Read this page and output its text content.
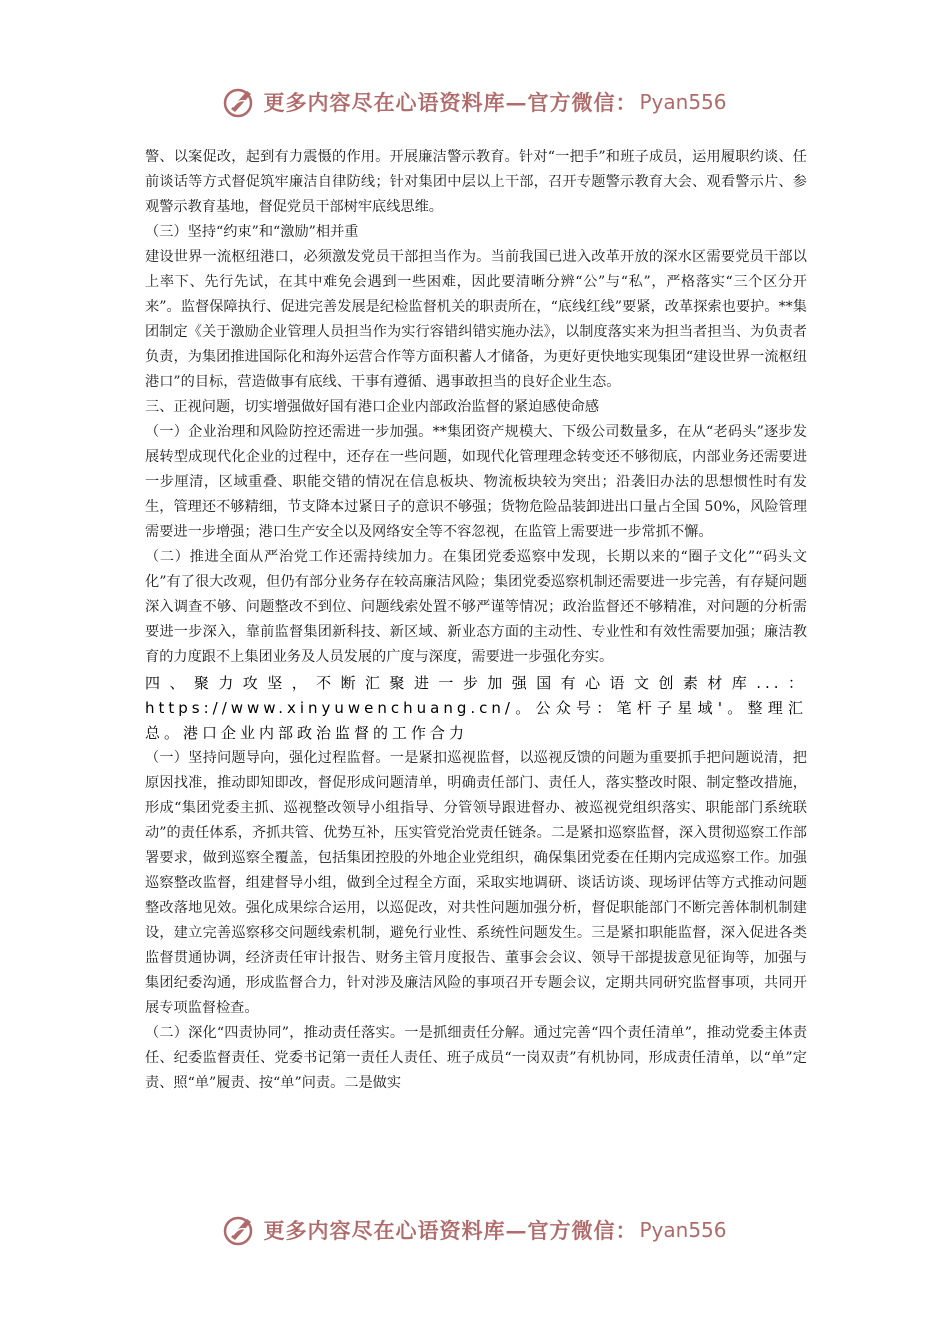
更多内容尽在心语资料库—官方微信： Pyan556

警、以案促改，起到有力震慑的作用。开展廉洁警示教育。针对“一把手”和班子成员，运用履职约谈、任前谈话等方式督促筑牢廉洁自律防线；针对集团中层以上干部，召开专题警示教育大会、观看警示片、参观警示教育基地，督促党员干部树牢底线思维。

（三）坚持“约束”和“激励”相并重

建设世界一流枢纽港口，必须激发党员干部担当作为。当前我国已进入改革开放的深水区需要党员干部以上率下、先行先试，在其中难免会遇到一些困难，因此要清晰分辨“公”与“私”，严格落实“三个区分开来”。监督保障执行、促进完善发展是纪检监督机关的职责所在，“底线红线”要紧，改革探索也要护。**集团制定《关于激励企业管理人员担当作为实行容错纠错实施办法》，以制度落实来为担当者担当、为负责者负责，为集团推进国际化和海外运营合作等方面积蓄人才储备，为更好更快地实现集团“建设世界一流枢纽港口”的目标，营造做事有底线、干事有遵循、遇事敢担当的良好企业生态。

三、正视问题，切实增强做好国有港口企业内部政治监督的紧迫感使命感

（一）企业治理和风险防控还需进一步加强。**集团资产规模大、下级公司数量多，在从“老码头”逐步发展转型成现代化企业的过程中，还存在一些问题，如现代化管理理念转变还不够彻底，内部业务还需要进一步厘清，区域重叠、职能交错的情况在信息板块、物流板块较为突出；沿袭旧办法的思想惯性时有发生，管理还不够精细，节支降本过紧日子的意识不够强；货物危险品装卸进出口量占全国 50%，风险管理需要进一步增强；港口生产安全以及网络安全等不容忽视，在监管上需要进一步常抓不懈。

（二）推进全面从严治党工作还需持续加力。在集团党委巡察中发现，长期以来的“圈子文化”“码头文化”有了很大改观，但仍有部分业务存在较高廉洁风险；集团党委巡察机制还需要进一步完善，有存疑问题深入调查不够、问题整改不到位、问题线索处置不够严谨等情况；政治监督还不够精准，对问题的分析需要进一步深入，靠前监督集团新科技、新区域、新业态方面的主动性、专业性和有效性需要加强；廉洁教育的力度跟不上集团业务及人员发展的广度与深度，需要进一步强化夯实。

四、聚力攻坚，不断汇聚进一步加强国有心语文创素材库...：https://www.xinyuwenchuang.cn/。公众号：笔杆子星域'。整理汇总。港口企业内部政治监督的工作合力

（一）坚持问题导向，强化过程监督。一是紧扣巡视监督，以巡视反馈的问题为重要抓手把问题说清，把原因找准，推动即知即改，督促形成问题清单，明确责任部门、责任人，落实整改时限、制定整改措施，形成“集团党委主抓、巡视整改领导小组指导、分管领导跟进督办、被巡视党组织落实、职能部门系统联动”的责任体系，齐抓共管、优势互补，压实管党治党责任链条。二是紧扣巡察监督，深入贯彻巡察工作部署要求，做到巡察全覆盖，包括集团控股的外地企业党组织，确保集团党委在任期内完成巡察工作。加强巡察整改监督，组建督导小组，做到全过程全方面，采取实地调研、谈话访谈、现场评估等方式推动问题整改落地见效。强化成果综合运用，以巡促改，对共性问题加强分析，督促职能部门不断完善体制机制建设，建立完善巡察移交问题线索机制，避免行业性、系统性问题发生。三是紧扣职能监督，深入促进各类监督贯通协调，经济责任审计报告、财务主管月度报告、董事会会议、领导干部提拔意见征询等，加强与集团纪委沟通，形成监督合力，针对涉及廉洁风险的事项召开专题会议，定期共同研究监督事项，共同开展专项监督检查。

（二）深化“四责协同”，推动责任落实。一是抓细责任分解。通过完善“四个责任清单”，推动党委主体责任、纪委监督责任、党委书记第一责任人责任、班子成员“一岗双责”有机协同，形成责任清单，以“单”定责、照“单”履责、按“单”问责。二是做实

更多内容尽在心语资料库—官方微信： Pyan556
